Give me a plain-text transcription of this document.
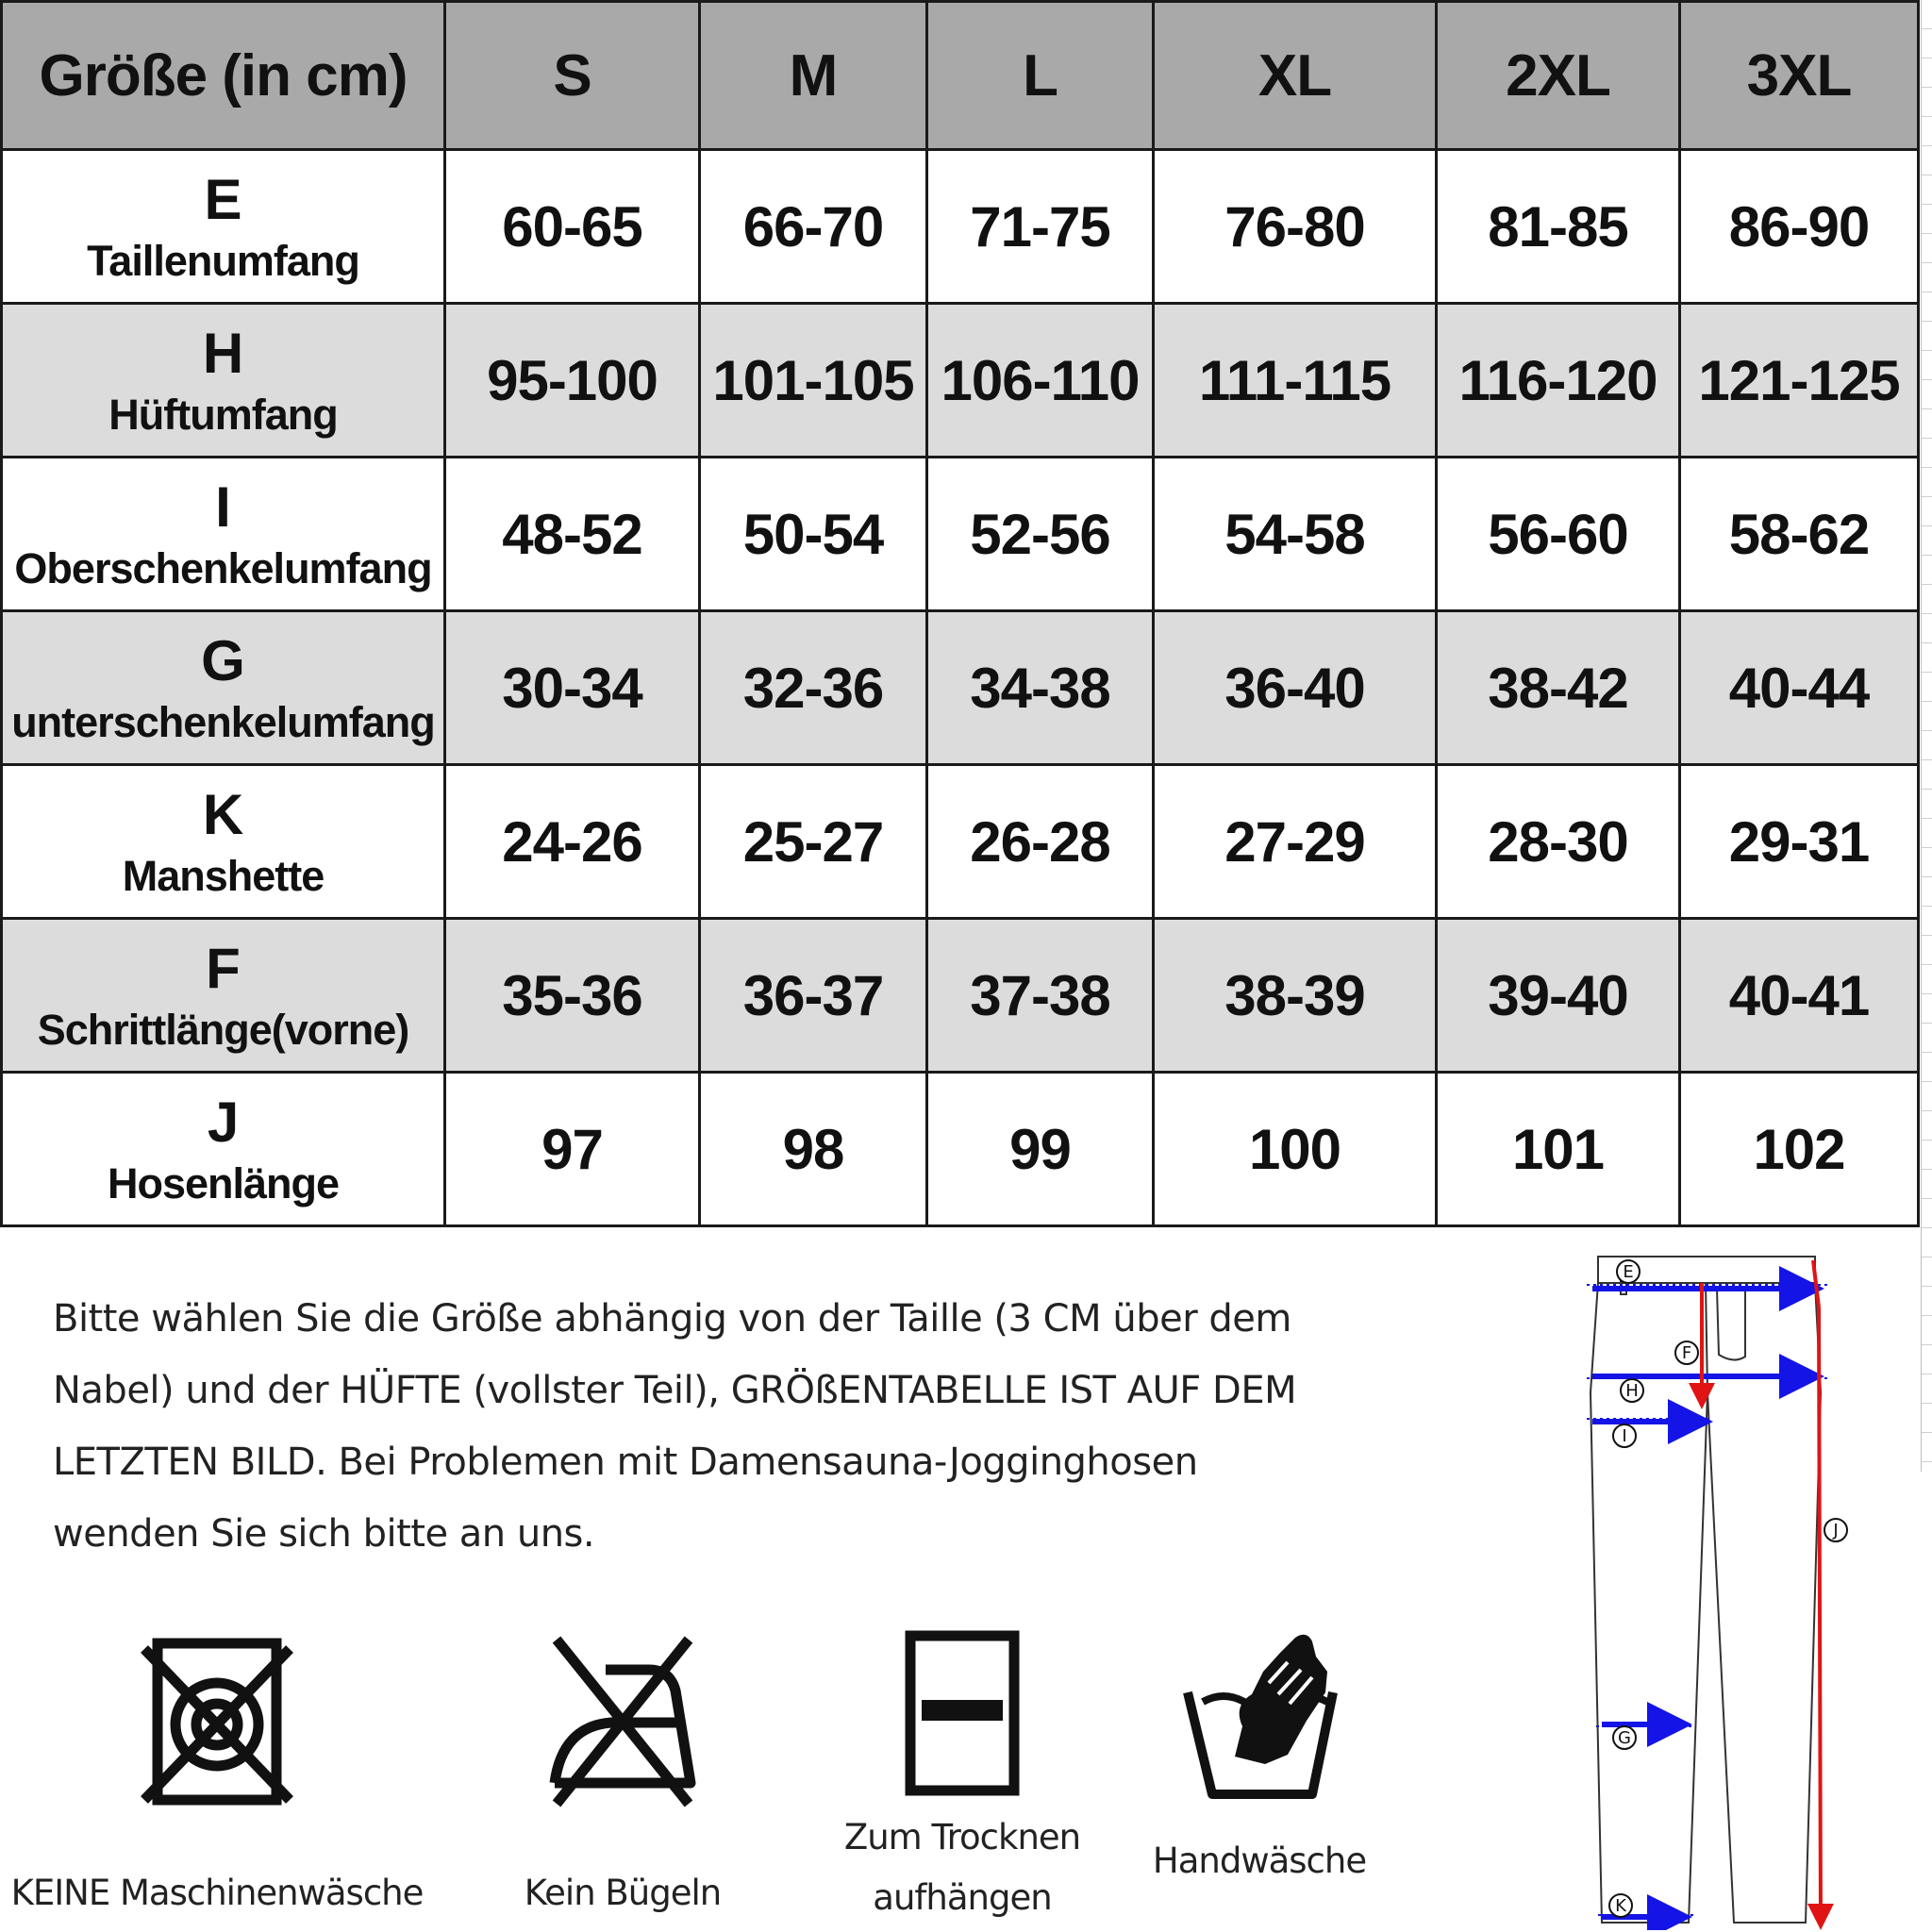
Größe (in cm)	S	M	L	XL	2XL	3XL

E
Taillenumfang	60-65	66-70	71-75	76-80	81-85	86-90

H
Hüftumfang	95-100	101-105	106-110	111-115	116-120	121-125

I
Oberschenkelumfang	48-52	50-54	52-56	54-58	56-60	58-62

G
unterschenkelumfang	30-34	32-36	34-38	36-40	38-42	40-44

K
Manshette	24-26	25-27	26-28	27-29	28-30	29-31

F
Schrittlänge(vorne)	35-36	36-37	37-38	38-39	39-40	40-41

J
Hosenlänge	97	98	99	100	101	102
Bitte wählen Sie die Größe abhängig von der Taille (3 CM über dem
Nabel) und der HÜFTE (vollster Teil), GRÖßENTABELLE IST AUF DEM
LETZTEN BILD. Bei Problemen mit Damensauna-Jogginghosen
wenden Sie sich bitte an uns.
KEINE Maschinenwäsche	Kein Bügeln
Zum Trocknen
aufhängen
Handwäsche
E
F
H
I
J
G
K
